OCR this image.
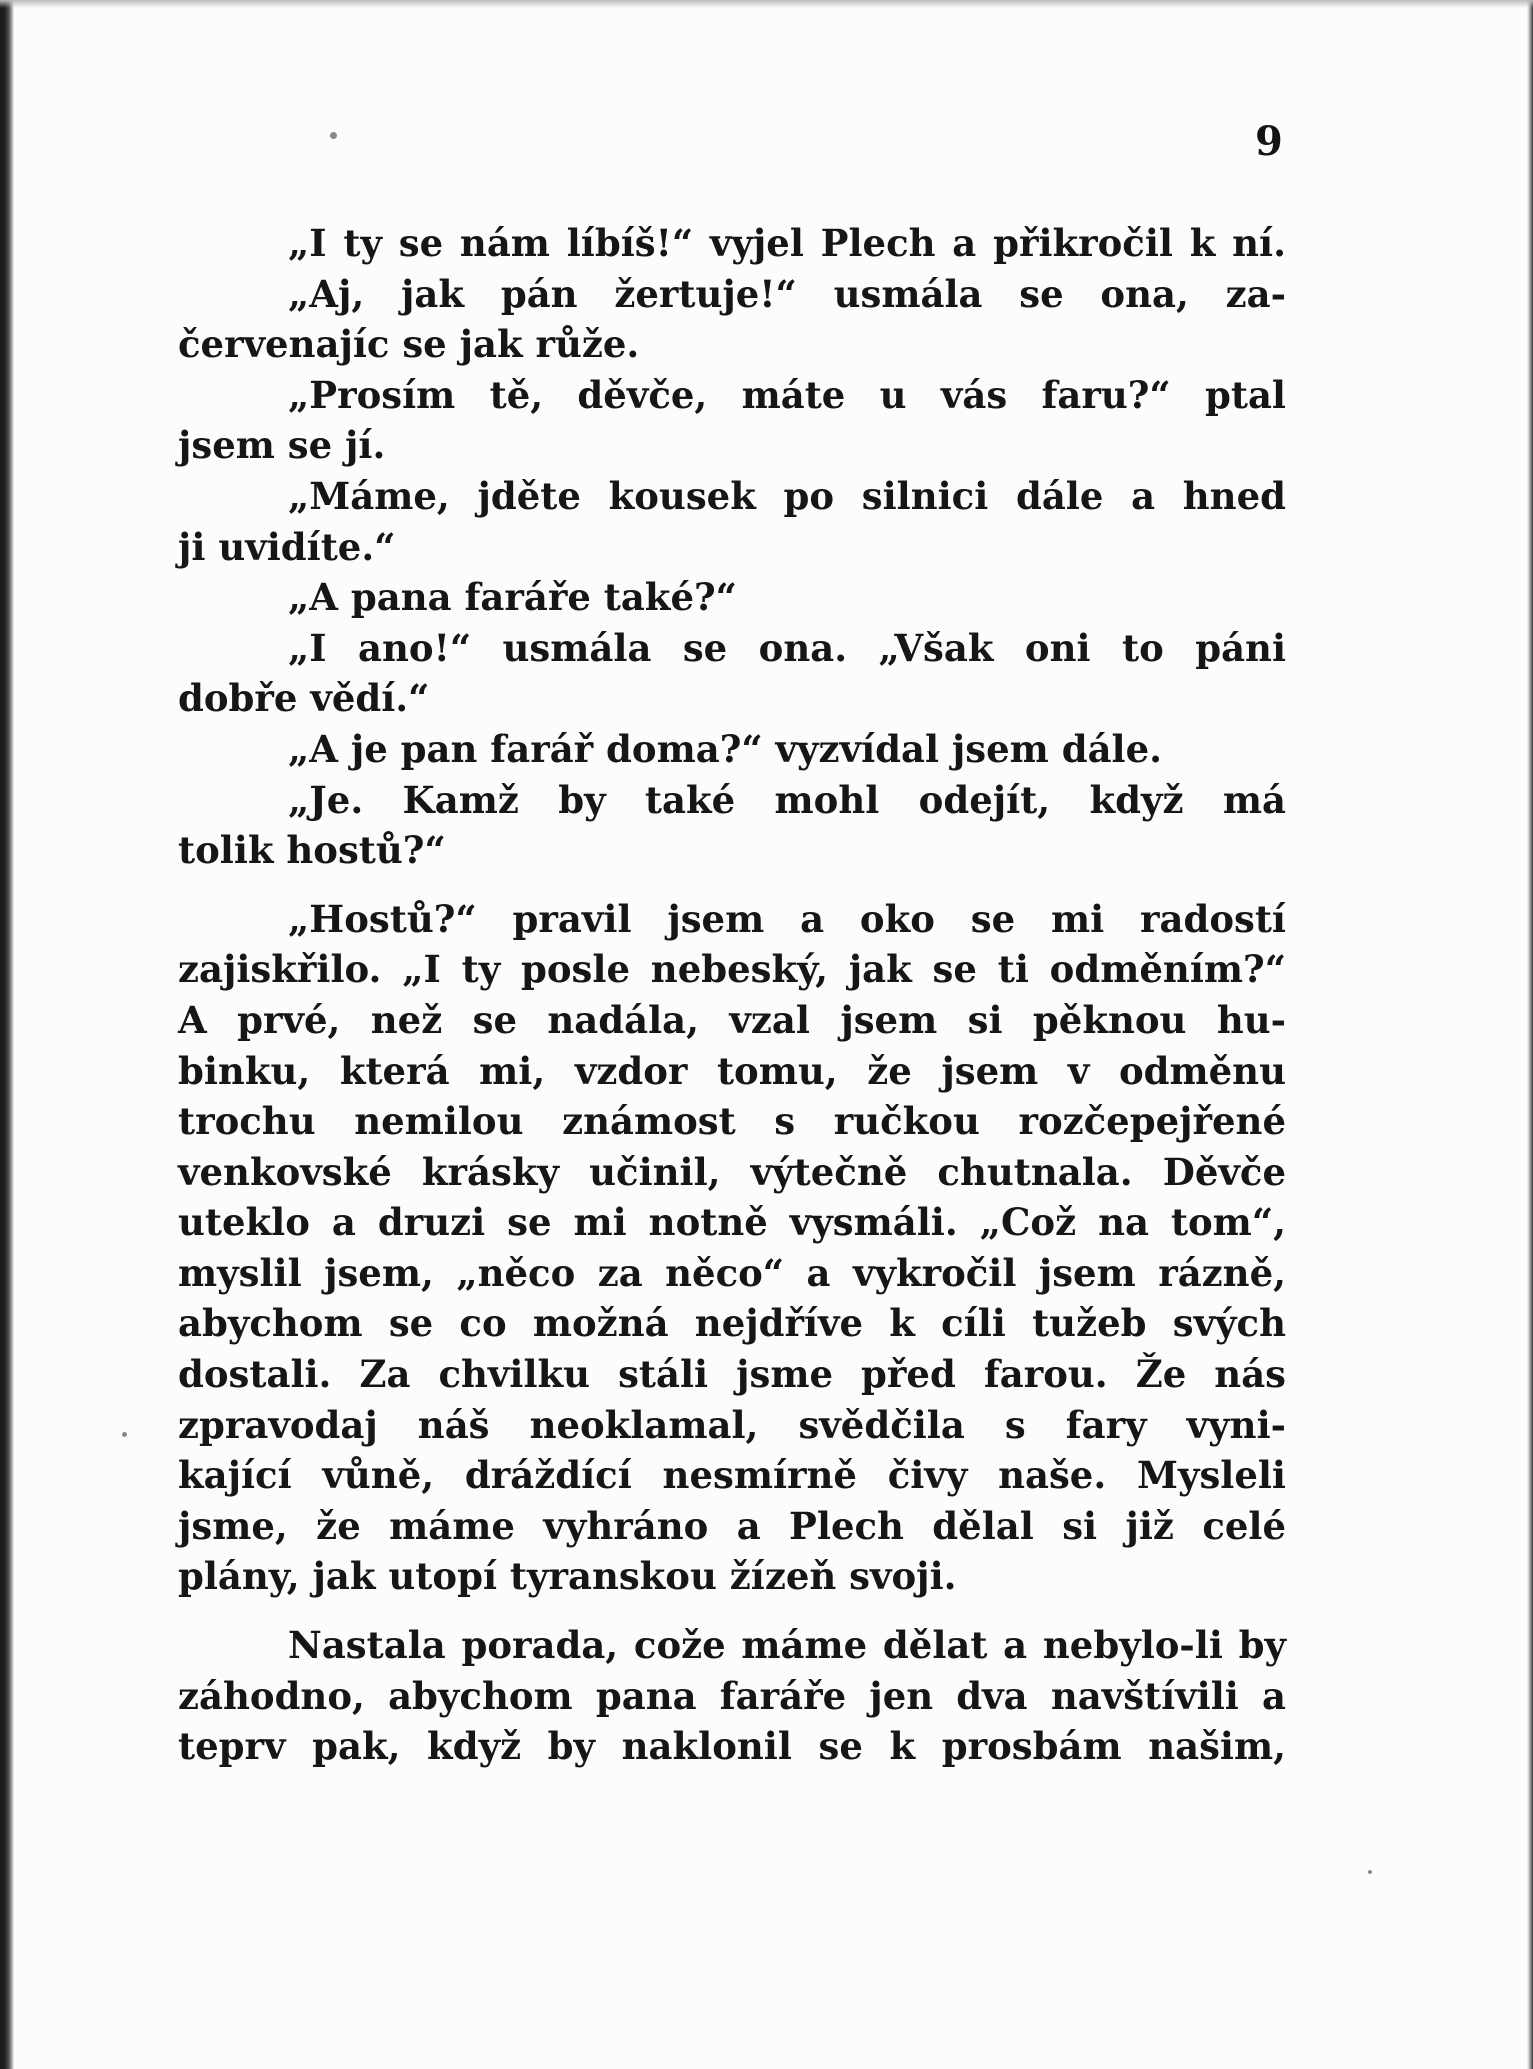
9
„I ty se nám líbíš!“ vyjel Plech a přikročil k ní.
„Aj, jak pán žertuje!“ usmála se ona, za-
červenajíc se jak růže.
„Prosím tě, děvče, máte u vás faru?“ ptal
jsem se jí.
„Máme, jděte kousek po silnici dále a hned
ji uvidíte.“
„A pana faráře také?“
„I ano!“ usmála se ona. „Však oni to páni
dobře vědí.“
„A je pan farář doma?“ vyzvídal jsem dále.
„Je. Kamž by také mohl odejít, když má
tolik hostů?“
„Hostů?“ pravil jsem a oko se mi radostí
zajiskřilo. „I ty posle nebeský, jak se ti odměním?“
A prvé, než se nadála, vzal jsem si pěknou hu-
binku, která mi, vzdor tomu, že jsem v odměnu
trochu nemilou známost s ručkou rozčepejřené
venkovské krásky učinil, výtečně chutnala. Děvče
uteklo a druzi se mi notně vysmáli. „Což na tom“,
myslil jsem, „něco za něco“ a vykročil jsem rázně,
abychom se co možná nejdříve k cíli tužeb svých
dostali. Za chvilku stáli jsme před farou. Že nás
zpravodaj náš neoklamal, svědčila s fary vyni-
kající vůně, dráždící nesmírně čivy naše. Mysleli
jsme, že máme vyhráno a Plech dělal si již celé
plány, jak utopí tyranskou žízeň svoji.
Nastala porada, cože máme dělat a nebylo-li by
záhodno, abychom pana faráře jen dva navštívili a
teprv pak, když by naklonil se k prosbám našim,
